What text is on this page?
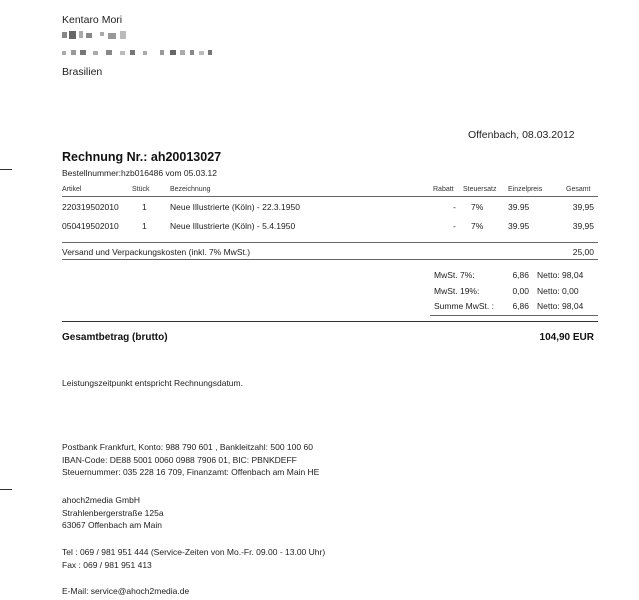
Kentaro Mori
Brasilien
Offenbach, 08.03.2012
Rechnung Nr.: ah20013027
Bestellnummer:hzb016486 vom 05.03.12
Artikel	Stück	Bezeichnung	Rabatt Steuersatz Einzelpreis	Gesamt
220319502010	1	Neue Illustrierte (Köln) - 22.3.1950	- 7%	39.95	39,95
050419502010	1	Neue Illustrierte (Köln) - 5.4.1950	- 7%	39.95	39,95
Versand und Verpackungskosten (inkl. 7% MwSt.)	25,00
MwSt. 7%:	6,86 Netto: 98,04
MwSt. 19%:	0,00 Netto: 0,00
Summe MwSt. : 6,86 Netto: 98,04
Gesamtbetrag (brutto)	104,90 EUR
Leistungszeitpunkt entspricht Rechnungsdatum.
Postbank Frankfurt, Konto: 988 790 601 , Bankleitzahl: 500 100 60
IBAN-Code: DE88 5001 0060 0988 7906 01, BIC: PBNKDEFF
Steuernummer: 035 228 16 709, Finanzamt: Offenbach am Main HE
ahoch2media GmbH
Strahlenbergerstraße 125a
63067 Offenbach am Main
Tel : 069 / 981 951 444 (Service-Zeiten von Mo.-Fr. 09.00 - 13.00 Uhr)
Fax : 069 / 981 951 413
E-Mail: service@ahoch2media.de
